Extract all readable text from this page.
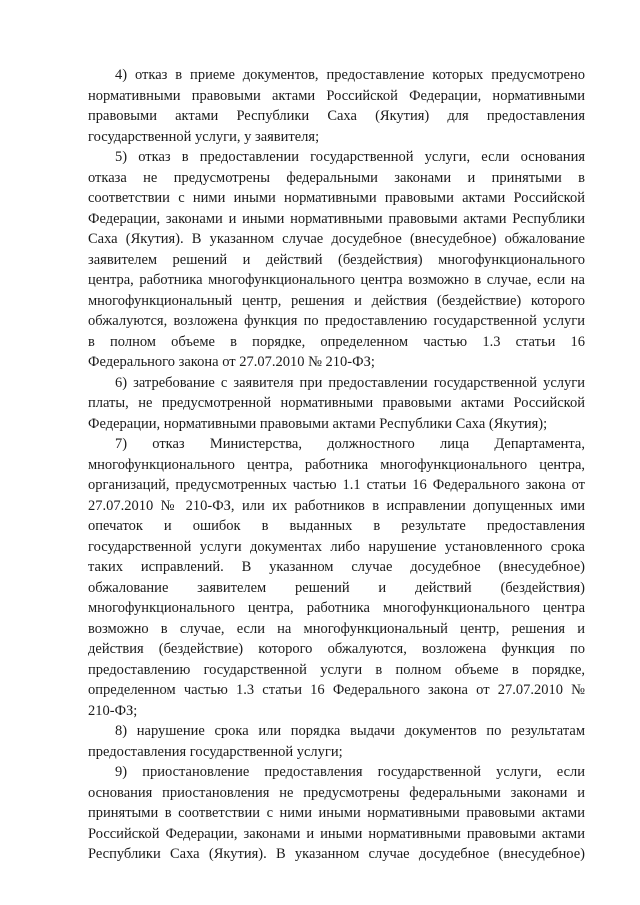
4) отказ в приеме документов, предоставление которых предусмотрено
нормативными правовыми актами Российской Федерации, нормативными
правовыми актами Республики Саха (Якутия) для предоставления
государственной услуги, у заявителя;
5) отказ в предоставлении государственной услуги, если основания
отказа не предусмотрены федеральными законами и принятыми в
соответствии с ними иными нормативными правовыми актами Российской
Федерации, законами и иными нормативными правовыми актами Республики
Саха (Якутия). В указанном случае досудебное (внесудебное) обжалование
заявителем решений и действий (бездействия) многофункционального
центра, работника многофункционального центра возможно в случае, если на
многофункциональный центр, решения и действия (бездействие) которого
обжалуются, возложена функция по предоставлению государственной услуги
в полном объеме в порядке, определенном частью 1.3 статьи 16
Федерального закона от 27.07.2010 № 210-ФЗ;
6) затребование с заявителя при предоставлении государственной услуги
платы, не предусмотренной нормативными правовыми актами Российской
Федерации, нормативными правовыми актами Республики Саха (Якутия);
7) отказ Министерства, должностного лица Департамента,
многофункционального центра, работника многофункционального центра,
организаций, предусмотренных частью 1.1 статьи 16 Федерального закона от
27.07.2010 № 210-ФЗ, или их работников в исправлении допущенных ими
опечаток и ошибок в выданных в результате предоставления
государственной услуги документах либо нарушение установленного срока
таких исправлений. В указанном случае досудебное (внесудебное)
обжалование заявителем решений и действий (бездействия)
многофункционального центра, работника многофункционального центра
возможно в случае, если на многофункциональный центр, решения и
действия (бездействие) которого обжалуются, возложена функция по
предоставлению государственной услуги в полном объеме в порядке,
определенном частью 1.3 статьи 16 Федерального закона от 27.07.2010 №
210-ФЗ;
8) нарушение срока или порядка выдачи документов по результатам
предоставления государственной услуги;
9) приостановление предоставления государственной услуги, если
основания приостановления не предусмотрены федеральными законами и
принятыми в соответствии с ними иными нормативными правовыми актами
Российской Федерации, законами и иными нормативными правовыми актами
Республики Саха (Якутия). В указанном случае досудебное (внесудебное)
